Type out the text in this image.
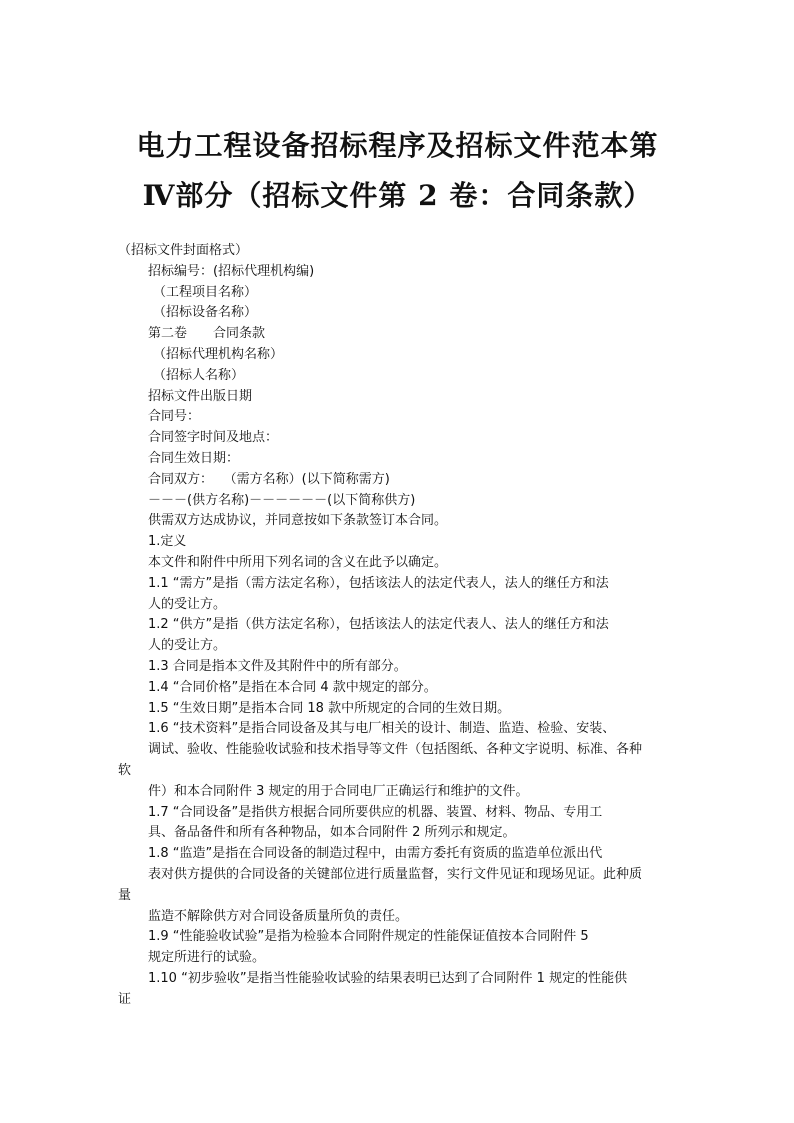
电力工程设备招标程序及招标文件范本第
Ⅳ部分（招标文件第 2 卷：合同条款）
（招标文件封面格式）
招标编号：(招标代理机构编)
（工程项目名称）
（招标设备名称）
第二卷　　合同条款
（招标代理机构名称）
（招标人名称）
招标文件出版日期
合同号：
合同签字时间及地点：
合同生效日期：
合同双方：　 （需方名称）(以下简称需方)
－－－(供方名称)－－－－－－(以下简称供方)
供需双方达成协议，并同意按如下条款签订本合同。
1.定义
本文件和附件中所用下列名词的含义在此予以确定。
1.1 “需方”是指（需方法定名称），包括该法人的法定代表人，法人的继任方和法
人的受让方。
1.2 “供方”是指（供方法定名称），包括该法人的法定代表人、法人的继任方和法
人的受让方。
1.3 合同是指本文件及其附件中的所有部分。
1.4 “合同价格”是指在本合同 4 款中规定的部分。
1.5 “生效日期”是指本合同 18 款中所规定的合同的生效日期。
1.6 “技术资料”是指合同设备及其与电厂相关的设计、制造、监造、检验、安装、
调试、验收、性能验收试验和技术指导等文件（包括图纸、各种文字说明、标准、各种
软
件）和本合同附件 3 规定的用于合同电厂正确运行和维护的文件。
1.7 “合同设备”是指供方根据合同所要供应的机器、装置、材料、物品、专用工
具、备品备件和所有各种物品，如本合同附件 2 所列示和规定。
1.8 “监造”是指在合同设备的制造过程中，由需方委托有资质的监造单位派出代
表对供方提供的合同设备的关键部位进行质量监督，实行文件见证和现场见证。此种质
量
监造不解除供方对合同设备质量所负的责任。
1.9 “性能验收试验”是指为检验本合同附件规定的性能保证值按本合同附件 5
规定所进行的试验。
1.10 “初步验收”是指当性能验收试验的结果表明已达到了合同附件 1 规定的性能供
证
